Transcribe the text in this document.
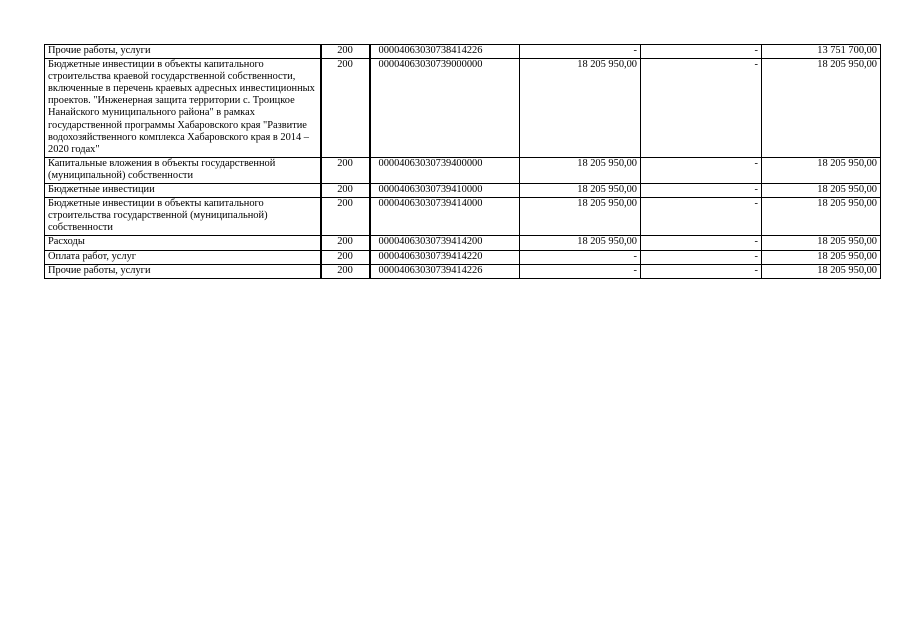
Прочие работы, услуги	200	00004063030738414226	-	-	13 751 700,00
Бюджетные инвестиции в объекты капитального строительства краевой государственной собственности, включенные в перечень краевых адресных инвестиционных проектов. "Инженерная защита территории с. Троицкое Нанайского муниципального района" в рамках государственной программы Хабаровского края "Развитие водохозяйственного комплекса Хабаровского края в 2014 – 2020 годах"	200	00004063030739000000	18 205 950,00	-	18 205 950,00
Капитальные вложения в объекты государственной (муниципальной) собственности	200	00004063030739400000	18 205 950,00	-	18 205 950,00
Бюджетные инвестиции	200	00004063030739410000	18 205 950,00	-	18 205 950,00
Бюджетные инвестиции в объекты капитального строительства государственной (муниципальной) собственности	200	00004063030739414000	18 205 950,00	-	18 205 950,00
Расходы	200	00004063030739414200	18 205 950,00	-	18 205 950,00
Оплата работ, услуг	200	00004063030739414220	-	-	18 205 950,00
Прочие работы, услуги	200	00004063030739414226	-	-	18 205 950,00
